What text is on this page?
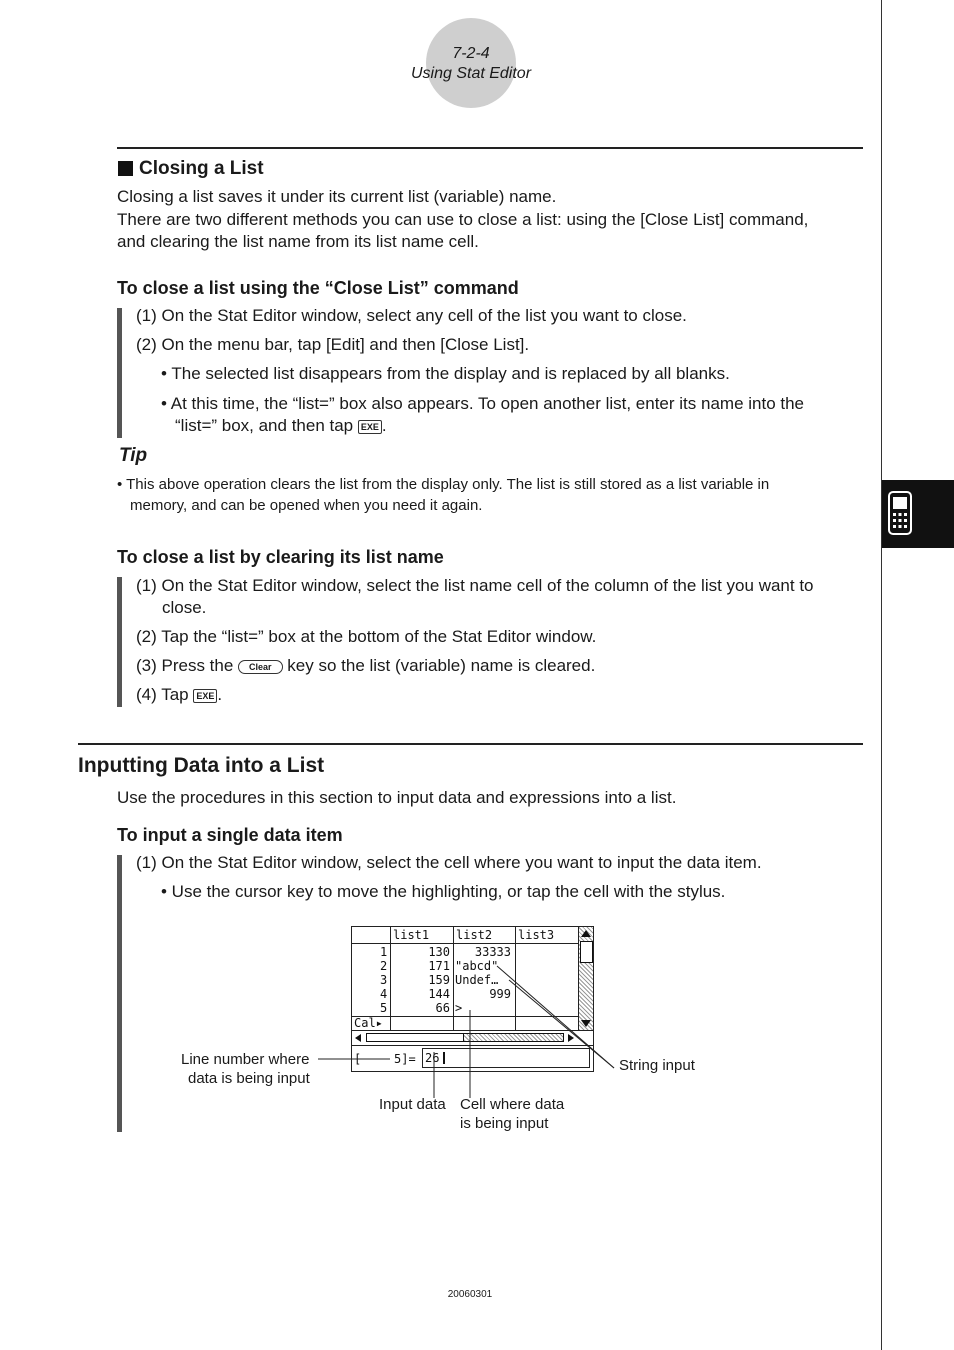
7-2-4
Using Stat Editor
Closing a List
Closing a list saves it under its current list (variable) name.
There are two different methods you can use to close a list: using the [Close List] command,
and clearing the list name from its list name cell.
To close a list using the “Close List” command
(1) On the Stat Editor window, select any cell of the list you want to close.
(2) On the menu bar, tap [Edit] and then [Close List].
• The selected list disappears from the display and is replaced by all blanks.
• At this time, the “list=” box also appears. To open another list, enter its name into the
“list=” box, and then tap EXE .
Tip
• This above operation clears the list from the display only. The list is still stored as a list variable in
memory, and can be opened when you need it again.
To close a list by clearing its list name
(1) On the Stat Editor window, select the list name cell of the column of the list you want to
close.
(2) Tap the “list=” box at the bottom of the Stat Editor window.
(3) Press the Clear key so the list (variable) name is cleared.
(4) Tap EXE .
Inputting Data into a List
Use the procedures in this section to input data and expressions into a list.
To input a single data item
(1) On the Stat Editor window, select the cell where you want to input the data item.
• Use the cursor key to move the highlighting, or tap the cell with the stylus.
list1 list2 list3
1	130	33333
2	171 "abcd"
3	159 Undef…
4	144	999
5	66 >
Cal▸
[	5]= 26
Line number where
data is being input
String input
Input data Cell where data
is being input
20060301
